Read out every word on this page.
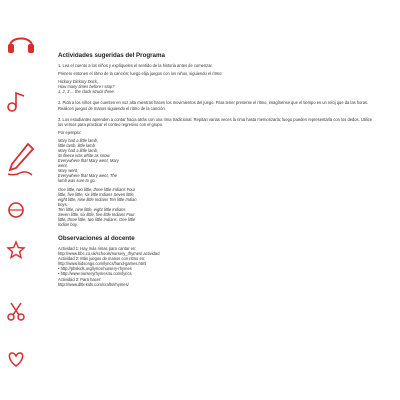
Actividades sugeridas del Programa

1. Lea el cuento a los niños y explíqueles el sentido de la historia antes de comenzar.

Primero entonen el ritmo de la canción; luego elija juegos con los niños, siguiendo el ritmo:

Hickory Dickory Dock,

How many times before I stop?

1, 2, 3 ... the clock struck three.

2. Pida a los niños que cuenten en voz alta mientras hacen los movimientos del juego. Para tener presente el ritmo, imagínense que el tiempo es un reloj que da las horas. Realicen juegos de manos siguiendo el ritmo de la canción.

3. Los estudiantes aprenden a contar hacia atrás con una rima tradicional. Repitan varias veces la rima hasta memorizarla; luego pueden representarla con los dedos. Utilice los versos para practicar el conteo regresivo con el grupo.

Por ejemplo:

Mary had a little lamb,

little lamb, little lamb

Mary had a little lamb,

its fleece was white as snow.

Everywhere that Mary went, Mary

went,

Mary went,

Everywhere that Mary went, The

lamb was sure to go.

One little, two little, three little Indians Four

little, five little, six little Indians Seven little,

eight little, nine little Indians Ten little Indian

boys.

Ten little, nine little, eight little Indians

Seven little, six little, five little Indians Four

little, three little, two little Indians. One little

Indian boy.

Observaciones al docente

Actividad 1: Hay más rimas para cantar en:

http://www.bbc.co.uk/schools/nursery_rhymes/ actividad

Actividad 2: Más juegos de manos con ritmo en:

http://www.kidsongs.com/lyrics/hand-games.html

• http://pbskids.org/lyrics/nursery-rhymes

• http://www.nurseryrhymes4u.com/lyrics

Actividad 3: Para hacer:

http://www.dltk-kids.com/crafts/rhymes/
